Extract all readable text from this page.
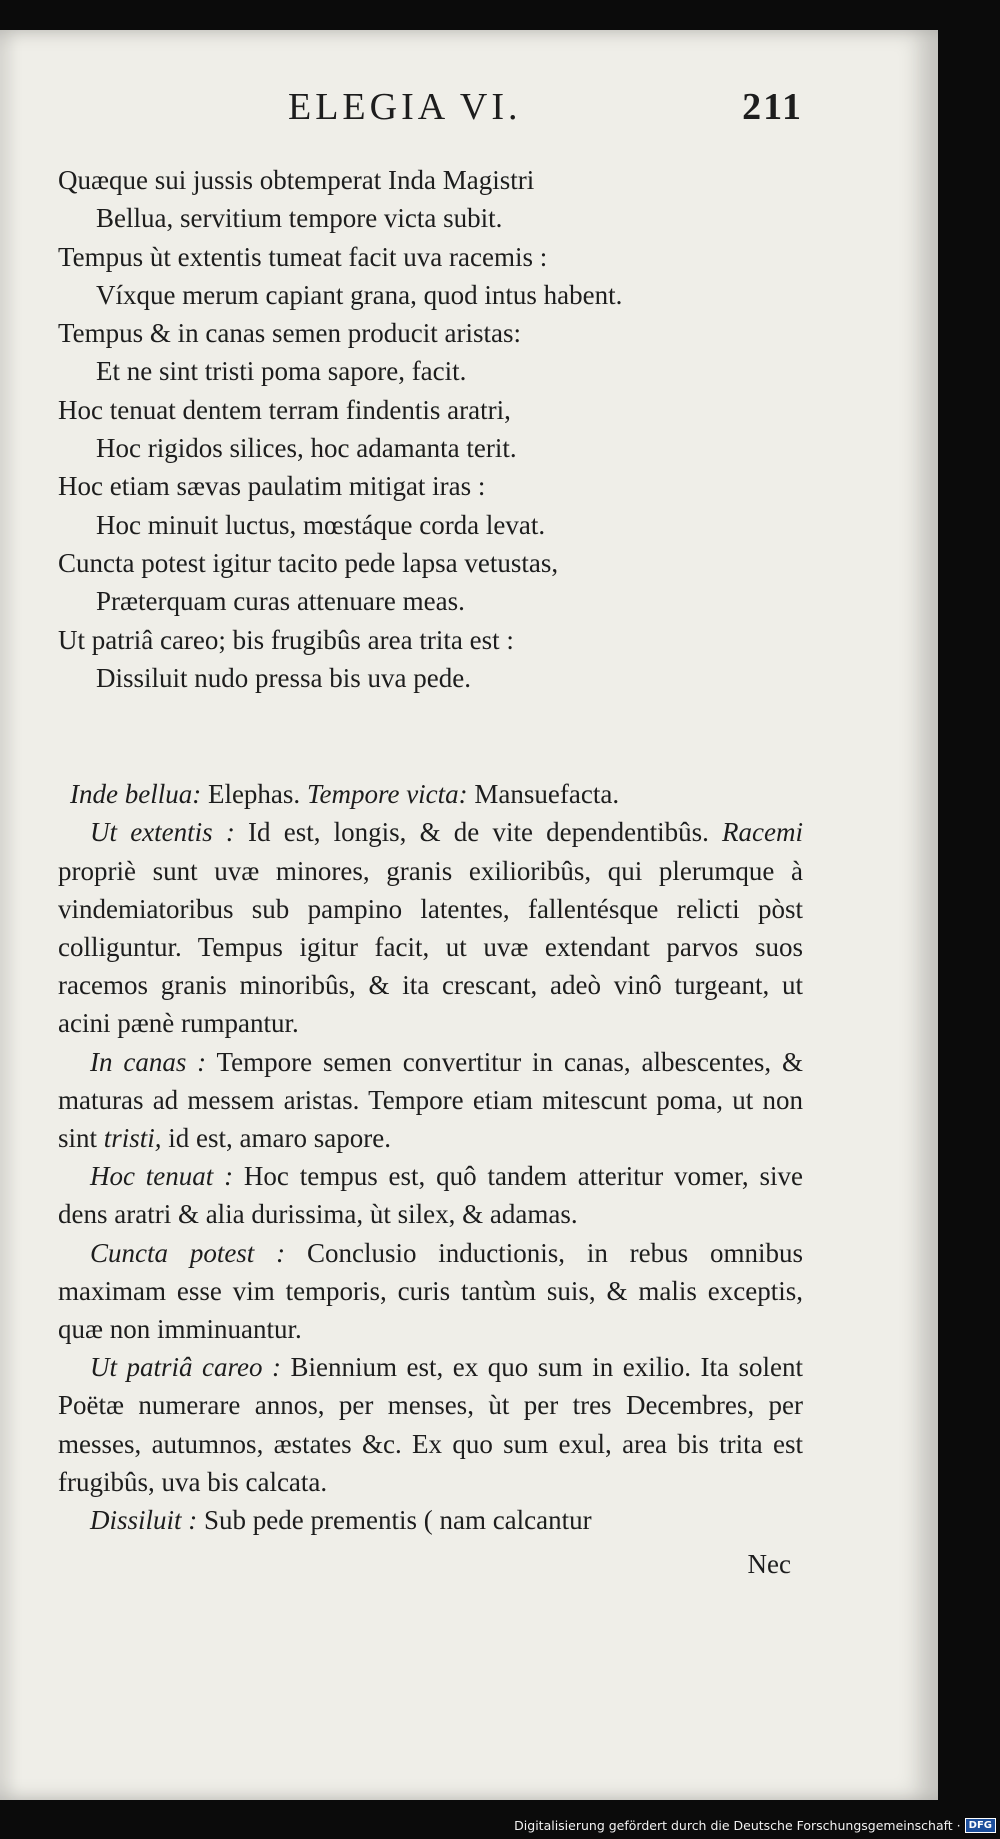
ELEGIA VI.	211
Quæque sui jussis obtemperat Inda Magistri
Bellua, servitium tempore victa subit.
Tempus ùt extentis tumeat facit uva racemis :
Víxque merum capiant grana, quod intus habent.
Tempus & in canas semen producit aristas:
Et ne sint tristi poma sapore, facit.
Hoc tenuat dentem terram findentis aratri,
Hoc rigidos silices, hoc adamanta terit.
Hoc etiam sævas paulatim mitigat iras :
Hoc minuit luctus, mœstáque corda levat.
Cuncta potest igitur tacito pede lapsa vetustas,
Præterquam curas attenuare meas.
Ut patriâ careo; bis frugibûs area trita est :
Dissiluit nudo pressa bis uva pede.

Inde bellua: Elephas. Tempore victa: Mansuefacta.

Ut extentis : Id est, longis, & de vite dependentibûs. Racemi propriè sunt uvæ minores, granis exilioribûs, qui plerumque à vindemiatoribus sub pampino latentes, fallentésque relicti pòst colliguntur. Tempus igitur facit, ut uvæ extendant parvos suos racemos granis minoribûs, & ita crescant, adeò vinô turgeant, ut acini pænè rumpantur.

In canas : Tempore semen convertitur in canas, albescentes, & maturas ad messem aristas. Tempore etiam mitescunt poma, ut non sint tristi, id est, amaro sapore.

Hoc tenuat : Hoc tempus est, quô tandem atteritur vomer, sive dens aratri & alia durissima, ùt silex, & adamas.

Cuncta potest : Conclusio inductionis, in rebus omnibus maximam esse vim temporis, curis tantùm suis, & malis exceptis, quæ non imminuantur.

Ut patriâ careo : Biennium est, ex quo sum in exilio. Ita solent Poëtæ numerare annos, per menses, ùt per tres Decembres, per messes, autumnos, æstates &c. Ex quo sum exul, area bis trita est frugibûs, uva bis calcata.

Dissiluit : Sub pede prementis ( nam calcantur

Nec
Digitalisierung gefördert durch die Deutsche Forschungsgemeinschaft · DFG
